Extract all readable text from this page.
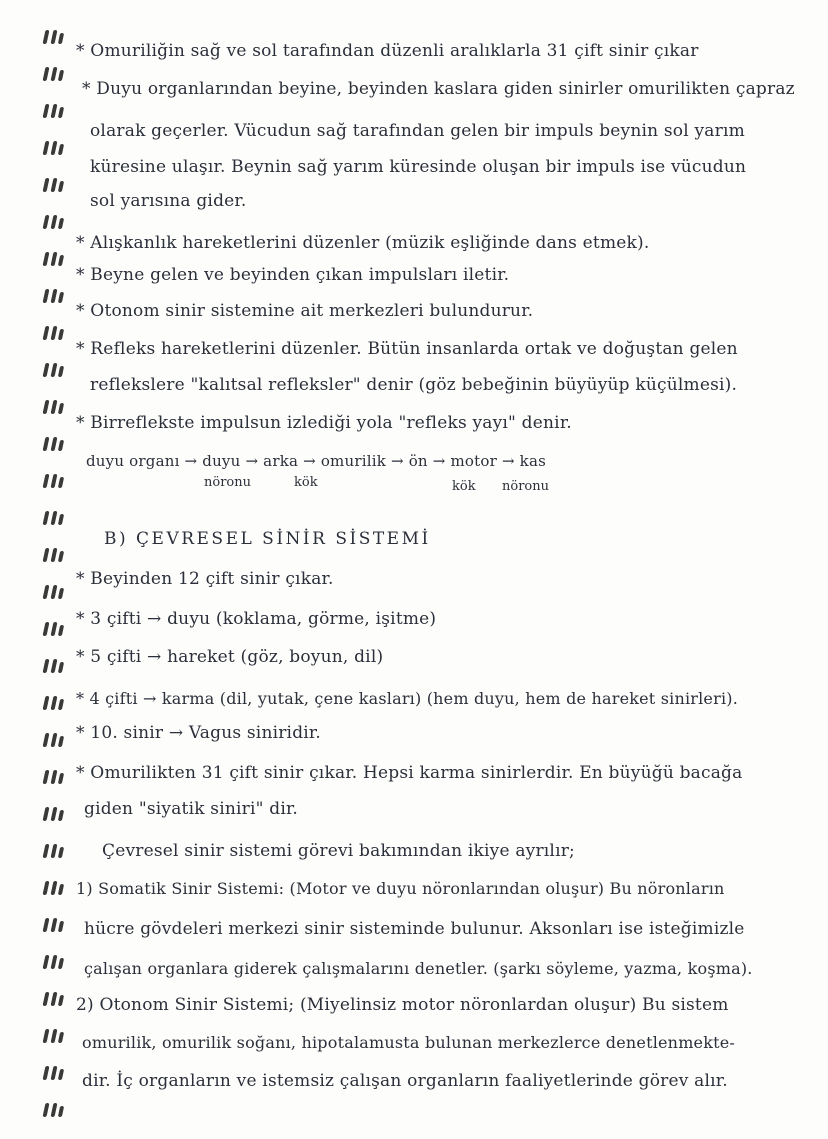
* Omuriliğin sağ ve sol tarafından düzenli aralıklarla 31 çift sinir çıkar
* Duyu organlarından beyine, beyinden kaslara giden sinirler omurilikten çapraz
olarak geçerler. Vücudun sağ tarafından gelen bir impuls beynin sol yarım
küresine ulaşır. Beynin sağ yarım küresinde oluşan bir impuls ise vücudun
sol yarısına gider.
* Alışkanlık hareketlerini düzenler (müzik eşliğinde dans etmek).
* Beyne gelen ve beyinden çıkan impulsları iletir.
* Otonom sinir sistemine ait merkezleri bulundurur.
* Refleks hareketlerini düzenler. Bütün insanlarda ortak ve doğuştan gelen
reflekslere "kalıtsal refleksler" denir (göz bebeğinin büyüyüp küçülmesi).
* Birreflekste impulsun izlediği yola "refleks yayı" denir.
duyu organı → duyu → arka → omurilik → ön → motor → kas
nöronu	kök	kök nöronu
B) ÇEVRESEL SİNİR SİSTEMİ
* Beyinden 12 çift sinir çıkar.
* 3 çifti → duyu (koklama, görme, işitme)
* 5 çifti → hareket (göz, boyun, dil)
* 4 çifti → karma (dil, yutak, çene kasları) (hem duyu, hem de hareket sinirleri).
* 10. sinir → Vagus siniridir.
* Omurilikten 31 çift sinir çıkar. Hepsi karma sinirlerdir. En büyüğü bacağa
giden "siyatik siniri" dir.
Çevresel sinir sistemi görevi bakımından ikiye ayrılır;
1) Somatik Sinir Sistemi: (Motor ve duyu nöronlarından oluşur) Bu nöronların
hücre gövdeleri merkezi sinir sisteminde bulunur. Aksonları ise isteğimizle
çalışan organlara giderek çalışmalarını denetler. (şarkı söyleme, yazma, koşma).
2) Otonom Sinir Sistemi; (Miyelinsiz motor nöronlardan oluşur) Bu sistem
omurilik, omurilik soğanı, hipotalamusta bulunan merkezlerce denetlenmekte-
dir. İç organların ve istemsiz çalışan organların faaliyetlerinde görev alır.
